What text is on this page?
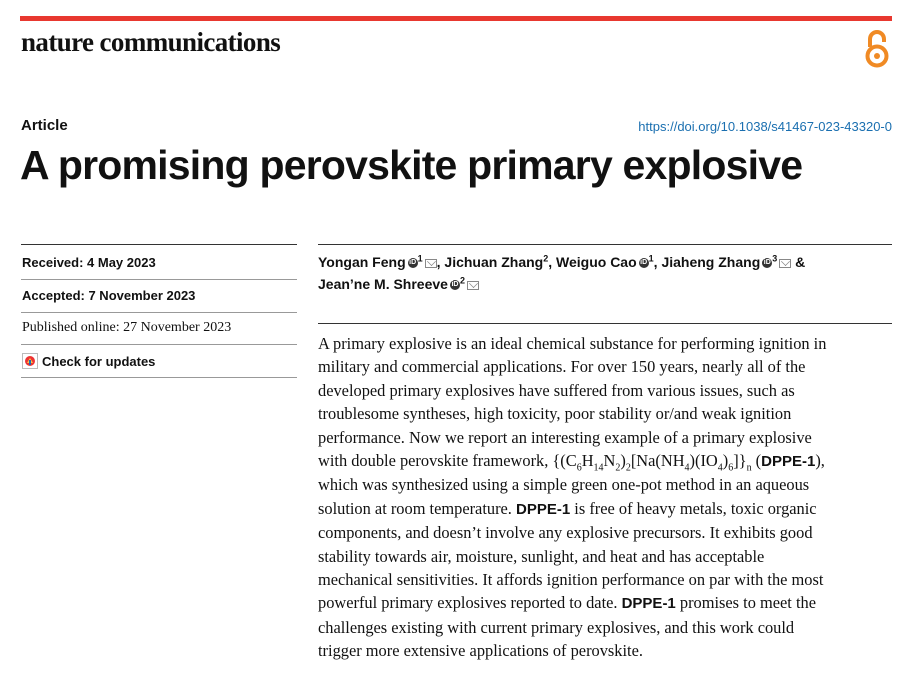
nature communications
Article	https://doi.org/10.1038/s41467-023-43320-0
A promising perovskite primary explosive
Received: 4 May 2023
Accepted: 7 November 2023
Published online: 27 November 2023
Check for updates
Yongan Feng iD $^1$ , Jichuan Zhang$^2$, Weiguo Cao iD $^1$, Jiaheng Zhang iD $^3$ &
Jean’ne M. Shreeve iD $^2$
A primary explosive is an ideal chemical substance for performing ignition in
military and commercial applications. For over 150 years, nearly all of the
developed primary explosives have suffered from various issues, such as
troublesome syntheses, high toxicity, poor stability or/and weak ignition
performance. Now we report an interesting example of a primary explosive
with double perovskite framework, $\{(C_6H_{14}N_2)_2[Na(NH_4)(IO_4)_6]\}_n$ (DPPE-1),
which was synthesized using a simple green one-pot method in an aqueous
solution at room temperature. DPPE-1 is free of heavy metals, toxic organic
components, and doesn’t involve any explosive precursors. It exhibits good
stability towards air, moisture, sunlight, and heat and has acceptable
mechanical sensitivities. It affords ignition performance on par with the most
powerful primary explosives reported to date. DPPE-1 promises to meet the
challenges existing with current primary explosives, and this work could
trigger more extensive applications of perovskite.
